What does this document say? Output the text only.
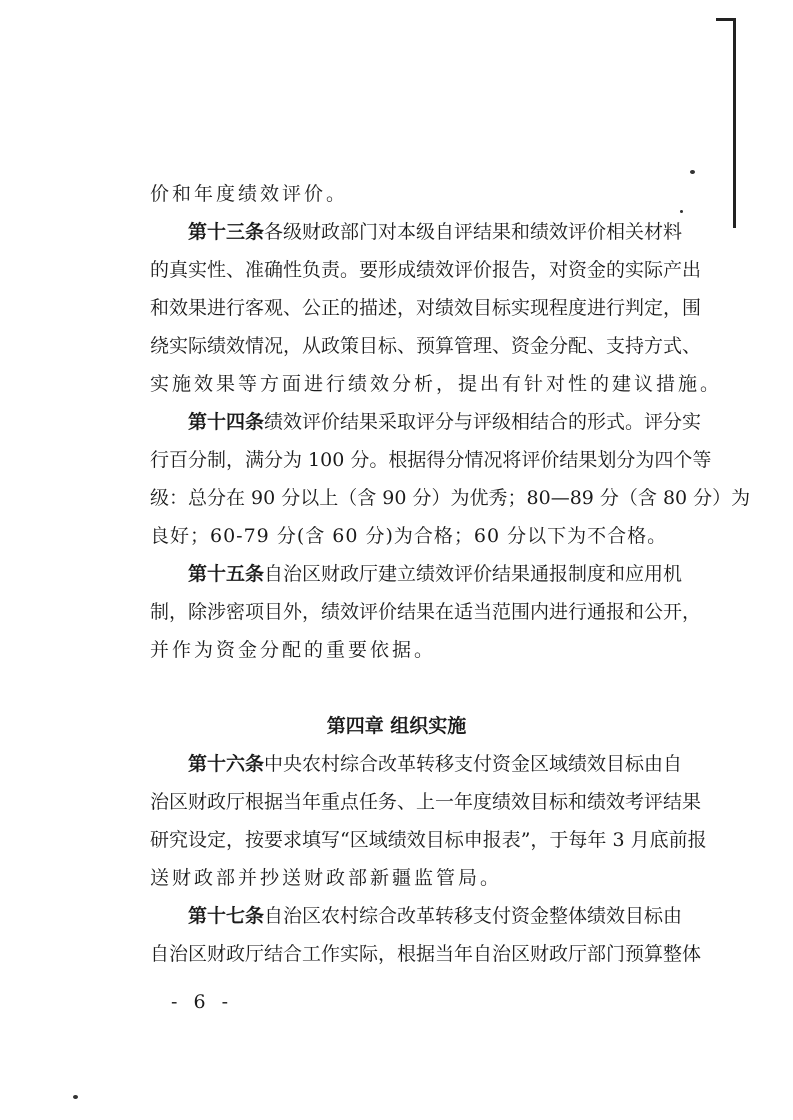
价和年度绩效评价。
第十三条 各级财政部门对本级自评结果和绩效评价相关材料
的真实性、准确性负责。要形成绩效评价报告，对资金的实际产出
和效果进行客观、公正的描述，对绩效目标实现程度进行判定，围
绕实际绩效情况，从政策目标、预算管理、资金分配、支持方式、
实施效果等方面进行绩效分析，提出有针对性的建议措施。
第十四条 绩效评价结果采取评分与评级相结合的形式。评分实
行百分制，满分为 100 分。根据得分情况将评价结果划分为四个等
级：总分在 90 分以上（含 90 分）为优秀；80—89 分（含 80 分）为
良好；60-79 分(含 60 分)为合格；60 分以下为不合格。
第十五条 自治区财政厅建立绩效评价结果通报制度和应用机
制，除涉密项目外，绩效评价结果在适当范围内进行通报和公开，
并作为资金分配的重要依据。
第四章 组织实施
第十六条 中央农村综合改革转移支付资金区域绩效目标由自
治区财政厅根据当年重点任务、上一年度绩效目标和绩效考评结果
研究设定，按要求填写“区域绩效目标申报表”，于每年 3 月底前报
送财政部并抄送财政部新疆监管局。
第十七条 自治区农村综合改革转移支付资金整体绩效目标由
自治区财政厅结合工作实际，根据当年自治区财政厅部门预算整体
- 6 -
